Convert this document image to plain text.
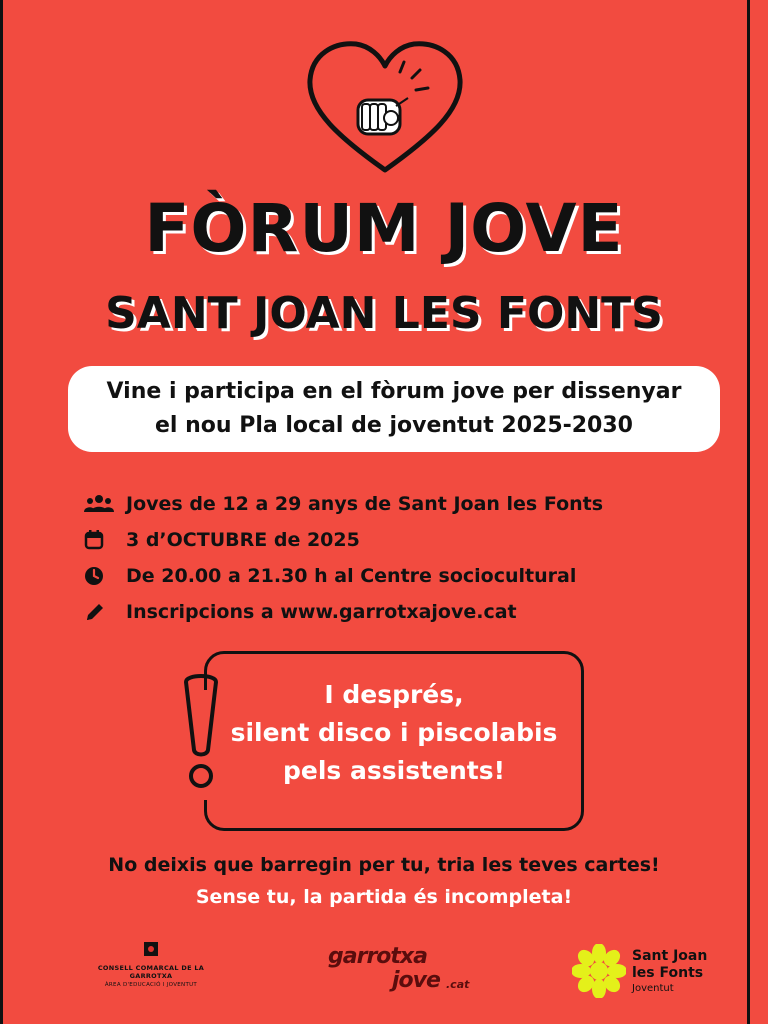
FÒRUM JOVE
SANT JOAN LES FONTS
Vine i participa en el fòrum jove per dissenyar
el nou Pla local de joventut 2025-2030
Joves de 12 a 29 anys de Sant Joan les Fonts
3 d’OCTUBRE de 2025
De 20.00 a 21.30 h al Centre sociocultural
Inscripcions a www.garrotxajove.cat
I després,
silent disco i piscolabis
pels assistents!
No deixis que barregin per tu, tria les teves cartes!
Sense tu, la partida és incompleta!
CONSELL COMARCAL DE LA GARROTXA
ÀREA D'EDUCACIÓ I JOVENTUT
garrotxa
jove .cat
Sant Joan
les Fonts
Joventut
